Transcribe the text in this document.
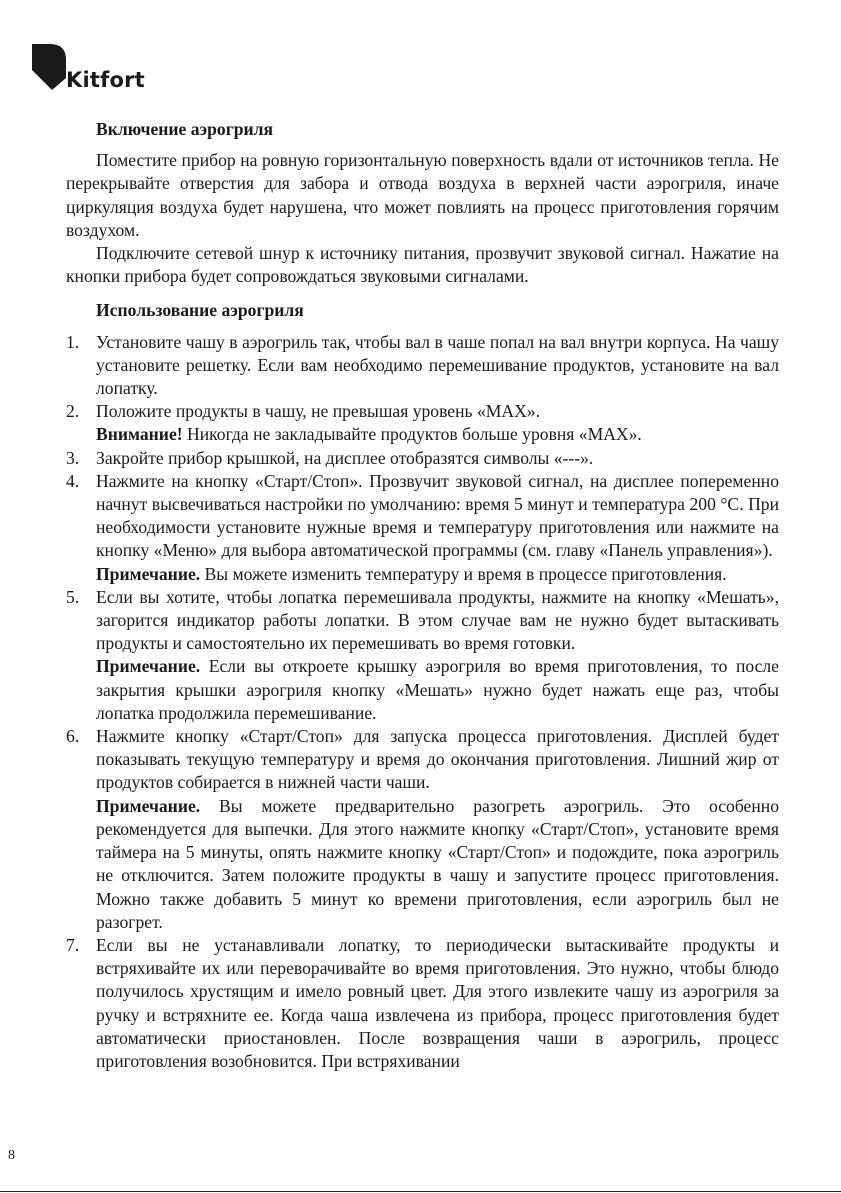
Kitfort
Включение аэрогриля

Поместите прибор на ровную горизонтальную поверхность вдали от источников тепла. Не перекрывайте отверстия для забора и отвода воздуха в верхней части аэрогриля, иначе циркуляция воздуха будет нарушена, что может повлиять на процесс приготовления горячим воздухом.

Подключите сетевой шнур к источнику питания, прозвучит звуковой сигнал. Нажатие на кнопки прибора будет сопровождаться звуковыми сигналами.

Использование аэрогриля
1. Установите чашу в аэрогриль так, чтобы вал в чаше попал на вал внутри корпуса. На чашу установите решетку. Если вам необходимо перемешивание продуктов, установите на вал лопатку.
2. Положите продукты в чашу, не превышая уровень «MAX».
Внимание! Никогда не закладывайте продуктов больше уровня «MAX».
3. Закройте прибор крышкой, на дисплее отобразятся символы «---».
4. Нажмите на кнопку «Старт/Стоп». Прозвучит звуковой сигнал, на дисплее попеременно начнут высвечиваться настройки по умолчанию: время 5 минут и температура 200 °C. При необходимости установите нужные время и температуру приготовления или нажмите на кнопку «Меню» для выбора автоматической программы (см. главу «Панель управления»).
Примечание. Вы можете изменить температуру и время в процессе приготовления.
5. Если вы хотите, чтобы лопатка перемешивала продукты, нажмите на кнопку «Мешать», загорится индикатор работы лопатки. В этом случае вам не нужно будет вытаскивать продукты и самостоятельно их перемешивать во время готовки.
Примечание. Если вы откроете крышку аэрогриля во время приготовления, то после закрытия крышки аэрогриля кнопку «Мешать» нужно будет нажать еще раз, чтобы лопатка продолжила перемешивание.
6. Нажмите кнопку «Старт/Стоп» для запуска процесса приготовления. Дисплей будет показывать текущую температуру и время до окончания приготовления. Лишний жир от продуктов собирается в нижней части чаши.
Примечание. Вы можете предварительно разогреть аэрогриль. Это особенно рекомендуется для выпечки. Для этого нажмите кнопку «Старт/Стоп», установите время таймера на 5 минуты, опять нажмите кнопку «Старт/Стоп» и подождите, пока аэрогриль не отключится. Затем положите продукты в чашу и запустите процесс приготовления. Можно также добавить 5 минут ко времени приготовления, если аэрогриль был не разогрет.
7. Если вы не устанавливали лопатку, то периодически вытаскивайте продукты и встряхивайте их или переворачивайте во время приготовления. Это нужно, чтобы блюдо получилось хрустящим и имело ровный цвет. Для этого извлеките чашу из аэрогриля за ручку и встряхните ее. Когда чаша извлечена из прибора, процесс приготовления будет автоматически приостановлен. После возвращения чаши в аэрогриль, процесс приготовления возобновится. При встряхивании
8
